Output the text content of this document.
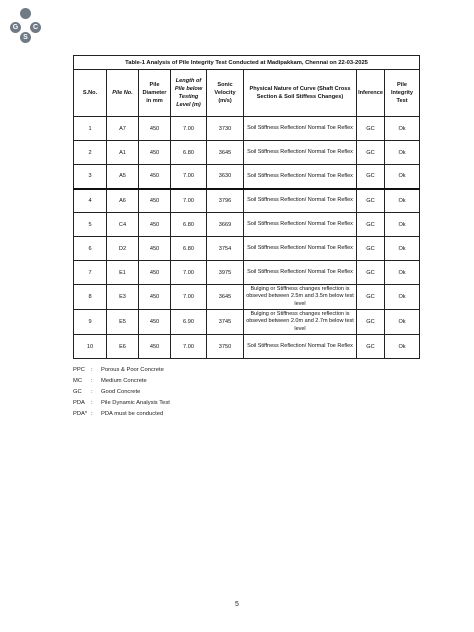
G
S
C
Table-1 Analysis of Pile Integrity Test Conducted at Madipakkam, Chennai on 22-03-2025							
S.No.	Pile No.	Pile Diameter in mm	Length of Pile below Testing Level (m)	Sonic Velocity (m/s)	Physical Nature of Curve (Shaft Cross Section & Soil Stiffess Changes)	Inference	Pile Integrity Test
1	A7	450	7.00	3730	Soil Stiffness Reflection/ Normal Toe Reflex	GC	Ok
2	A1	450	6.80	3645	Soil Stiffness Reflection/ Normal Toe Reflex	GC	Ok
3	A5	450	7.00	3630	Soil Stiffness Reflection/ Normal Toe Reflex	GC	Ok
4	A6	450	7.00	3796	Soil Stiffness Reflection/ Normal Toe Reflex	GC	Ok
5	C4	450	6.80	3669	Soil Stiffness Reflection/ Normal Toe Reflex	GC	Ok
6	D2	450	6.80	3754	Soil Stiffness Reflection/ Normal Toe Reflex	GC	Ok
7	E1	450	7.00	3975	Soil Stiffness Reflection/ Normal Toe Reflex	GC	Ok
8	E3	450	7.00	3645	Bulging or Stiffness changes reflection is obseved between 2.5m and 3.5m below test level	GC	Ok
9	E5	450	6.90	3745	Bulging or Stiffness changes reflection is obseved between 2.0m and 2.7m below test level	GC	Ok
10	E6	450	7.00	3750	Soil Stiffness Reflection/ Normal Toe Reflex	GC	Ok
PPC	:	Porous & Poor Concrete
MC	:	Medium Concrete
GC	:	Good Concrete
PDA	:	Pile Dynamic Analysis Test
PDA* :	PDA must be conducted
5
